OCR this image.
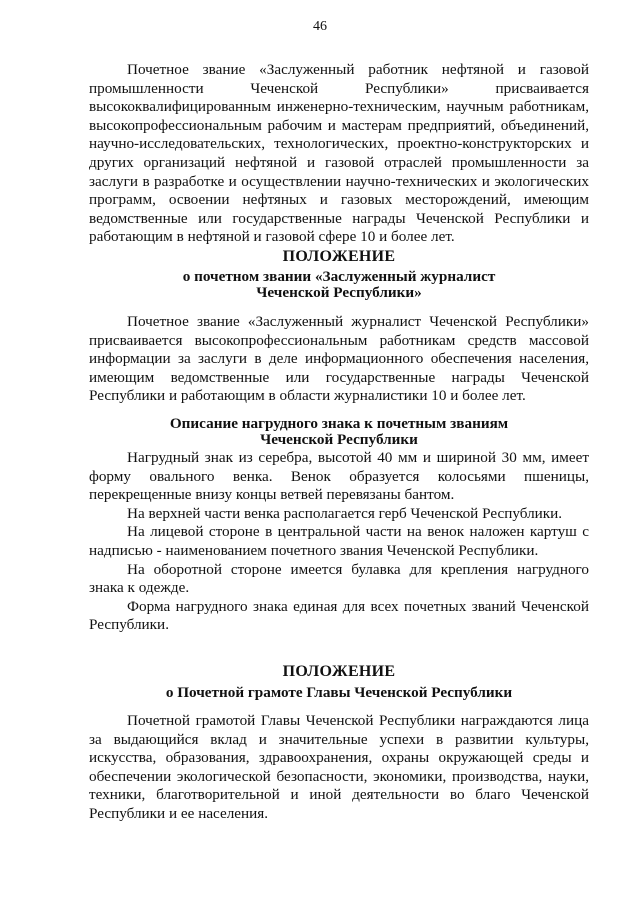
46

Почетное звание «Заслуженный работник нефтяной и газовой промышленности Чеченской Республики» присваивается высококвалифицированным инженерно-техническим, научным работникам, высокопрофессиональным рабочим и мастерам предприятий, объединений, научно-исследовательских, технологических, проектно-конструкторских и других организаций нефтяной и газовой отраслей промышленности за заслуги в разработке и осуществлении научно-технических и экологических программ, освоении нефтяных и газовых месторождений, имеющим ведомственные или государственные награды Чеченской Республики и работающим в нефтяной и газовой сфере 10 и более лет.

ПОЛОЖЕНИЕ

о почетном звании «Заслуженный журналист

Чеченской Республики»

Почетное звание «Заслуженный журналист Чеченской Республики» присваивается высокопрофессиональным работникам средств массовой информации за заслуги в деле информационного обеспечения населения, имеющим ведомственные или государственные награды Чеченской Республики и работающим в области журналистики 10 и более лет.

Описание нагрудного знака к почетным званиям

Чеченской Республики

Нагрудный знак из серебра, высотой 40 мм и шириной 30 мм, имеет форму овального венка. Венок образуется колосьями пшеницы, перекрещенные внизу концы ветвей перевязаны бантом.

На верхней части венка располагается герб Чеченской Республики.

На лицевой стороне в центральной части на венок наложен картуш с надписью - наименованием почетного звания Чеченской Республики.

На оборотной стороне имеется булавка для крепления нагрудного знака к одежде.

Форма нагрудного знака единая для всех почетных званий Чеченской Республики.

ПОЛОЖЕНИЕ

о Почетной грамоте Главы Чеченской Республики

Почетной грамотой Главы Чеченской Республики награждаются лица за выдающийся вклад и значительные успехи в развитии культуры, искусства, образования, здравоохранения, охраны окружающей среды и обеспечении экологической безопасности, экономики, производства, науки, техники, благотворительной и иной деятельности во благо Чеченской Республики и ее населения.
